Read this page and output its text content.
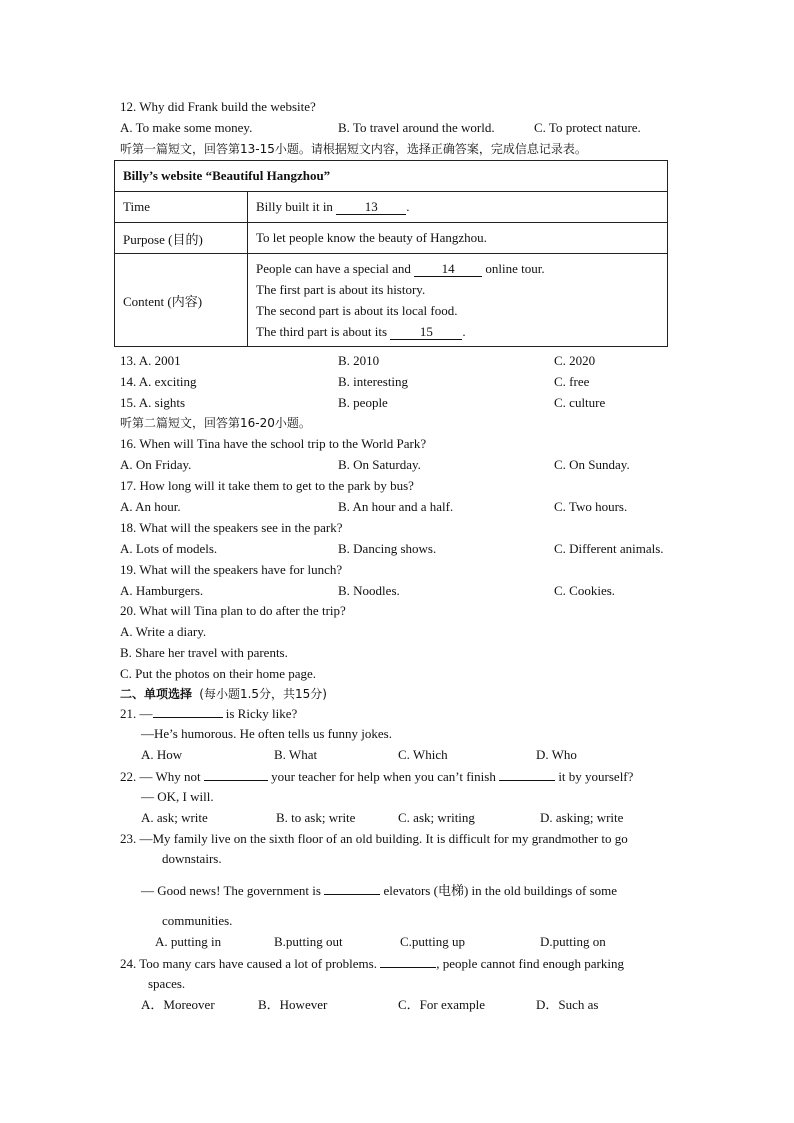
12. Why did Frank build the website?
A. To make some money.	B. To travel around the world.	C. To protect nature.
听第一篇短文，回答第13-15小题。请根据短文内容，选择正确答案，完成信息记录表。
Billy’s website “Beautiful Hangzhou”	
Time	Billy built it in 13 .
Purpose (目的)	To let people know the beauty of Hangzhou.
Content (内容)	People can have a special and 14 online tour.
The first part is about its history.
The second part is about its local food.
The third part is about its 15 .
13. A. 2001	B. 2010	C. 2020
14. A. exciting	B. interesting	C. free
15. A. sights	B. people	C. culture
听第二篇短文，回答第16-20小题。
16. When will Tina have the school trip to the World Park?
A. On Friday.	B. On Saturday.	C. On Sunday.
17. How long will it take them to get to the park by bus?
A. An hour.	B. An hour and a half.	C. Two hours.
18. What will the speakers see in the park?
A. Lots of models.	B. Dancing shows.	C. Different animals.
19. What will the speakers have for lunch?
A. Hamburgers.	B. Noodles.	C. Cookies.
20. What will Tina plan to do after the trip?
A. Write a diary.
B. Share her travel with parents.
C. Put the photos on their home page.
二、单项选择 (每小题1.5分，共15分)
21. —	is Ricky like?
—He’s humorous. He often tells us funny jokes.
A. How	B. What	C. Which	D. Who
22. — Why not	your teacher for help when you can’t finish	it by yourself?
— OK, I will.
A. ask; write	B. to ask; write	C. ask; writing	D. asking; write
23. —My family live on the sixth floor of an old building. It is difficult for my grandmother to go
downstairs.
— Good news! The government is	elevators (电梯) in the old buildings of some
communities.
A. putting in	B.putting out	C.putting up	D.putting on
24. Too many cars have caused a lot of problems.	, people cannot find enough parking
spaces.
A．Moreover	B．However	C．For example	D．Such as
